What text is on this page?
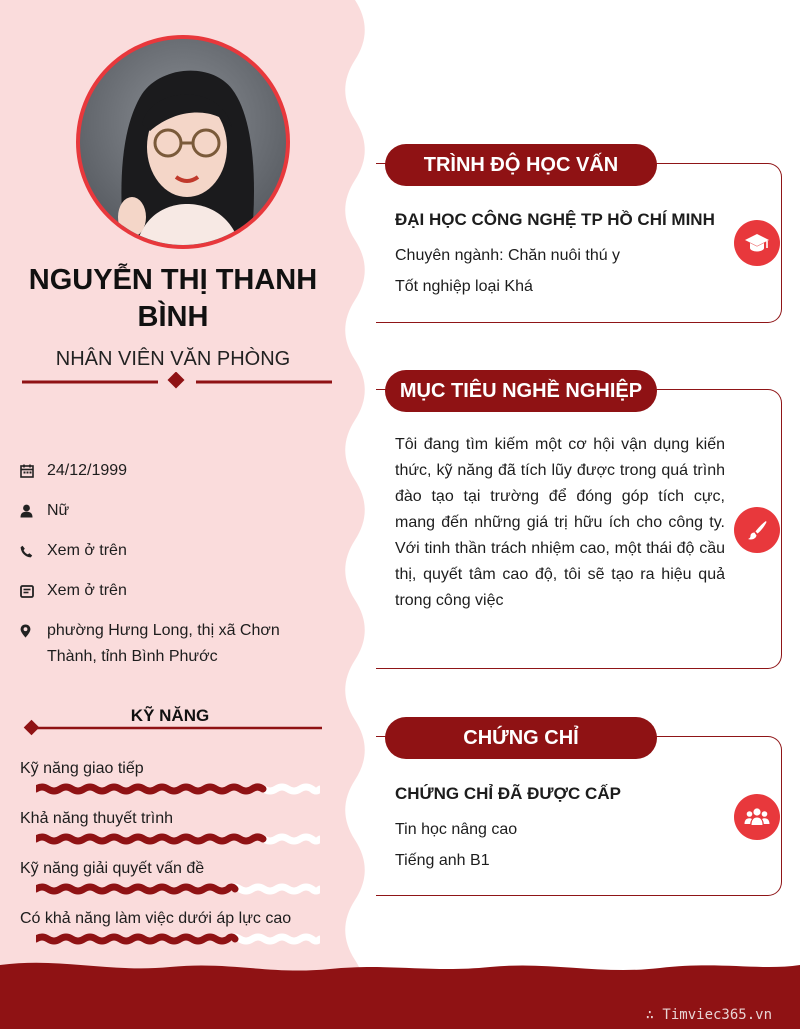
NGUYỄN THỊ THANH BÌNH
NHÂN VIÊN VĂN PHÒNG
24/12/1999
Nữ
Xem ở trên
Xem ở trên
phường Hưng Long, thị xã Chơn Thành, tỉnh Bình Phước
KỸ NĂNG
Kỹ năng giao tiếp
Khả năng thuyết trình
Kỹ năng giải quyết vấn đề
Có khả năng làm việc dưới áp lực cao
TRÌNH ĐỘ HỌC VẤN
ĐẠI HỌC CÔNG NGHỆ TP HỒ CHÍ MINH
Chuyên ngành: Chăn nuôi thú y
Tốt nghiệp loại Khá
MỤC TIÊU NGHỀ NGHIỆP
Tôi đang tìm kiếm một cơ hội vận dụng kiến thức, kỹ năng đã tích lũy được trong quá trình đào tạo tại trường để đóng góp tích cực, mang đến những giá trị hữu ích cho công ty. Với tinh thần trách nhiệm cao, một thái độ cầu thị, quyết tâm cao độ, tôi sẽ tạo ra hiệu quả trong công việc
CHỨNG CHỈ
CHỨNG CHỈ ĐÃ ĐƯỢC CẤP
Tin học nâng cao
Tiếng anh B1
∴ Timviec365.vn
